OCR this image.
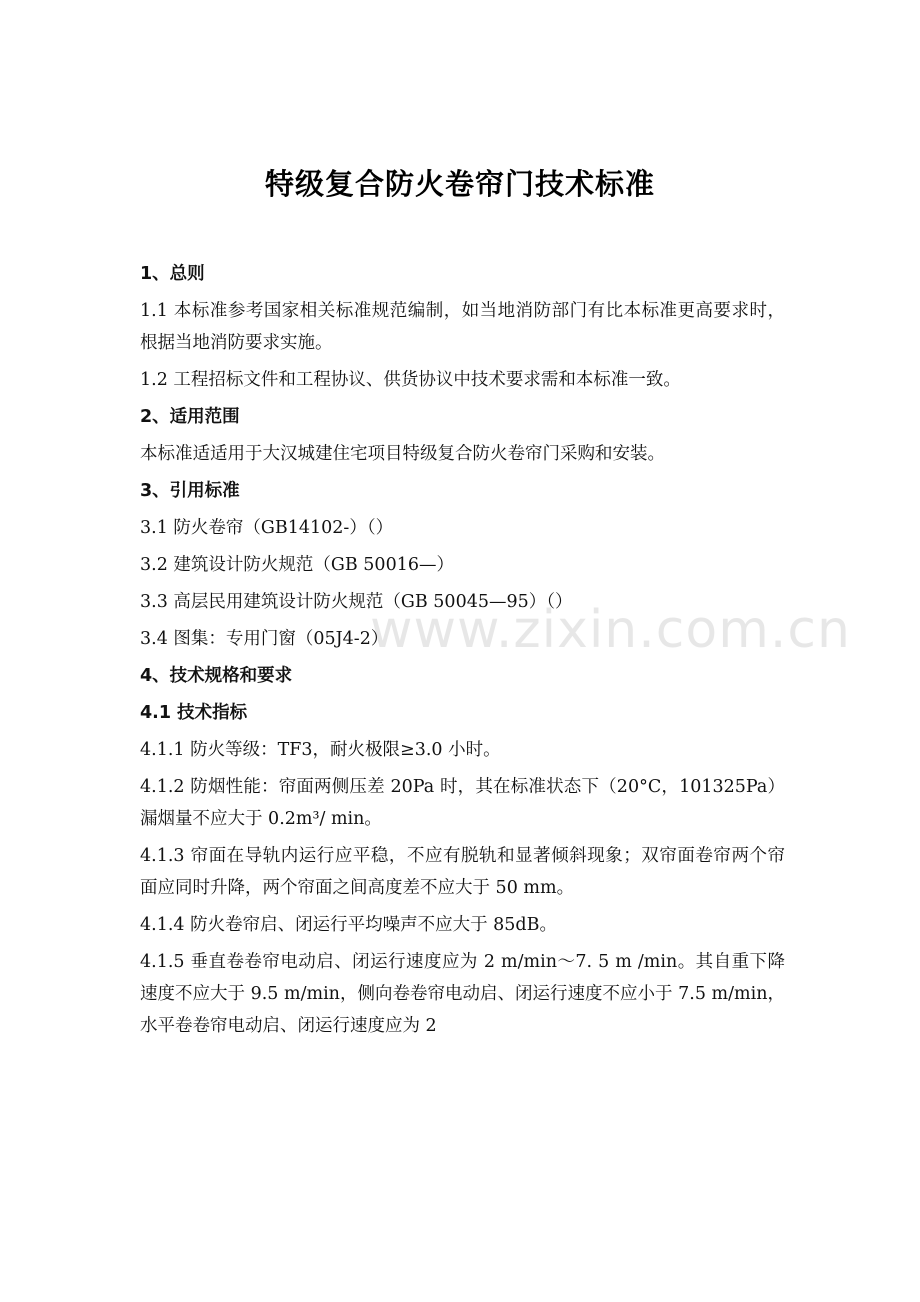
特级复合防火卷帘门技术标准
1、总则

1.1 本标准参考国家相关标准规范编制，如当地消防部门有比本标准更高要求时，根据当地消防要求实施。

1.2 工程招标文件和工程协议、供货协议中技术要求需和本标准一致。

2、适用范围

本标准适适用于大汉城建住宅项目特级复合防火卷帘门采购和安装。

3、引用标准

3.1 防火卷帘（GB14102-）（）

3.2 建筑设计防火规范（GB 50016—）

3.3 高层民用建筑设计防火规范（GB 50045—95）（）

3.4 图集：专用门窗（05J4-2）

4、技术规格和要求
4.1 技术指标

4.1.1 防火等级：TF3，耐火极限≥3.0 小时。

4.1.2 防烟性能：帘面两侧压差 20Pa 时，其在标准状态下（20°C，101325Pa）漏烟量不应大于 0.2m³/ min。

4.1.3 帘面在导轨内运行应平稳，不应有脱轨和显著倾斜现象；双帘面卷帘两个帘面应同时升降，两个帘面之间高度差不应大于 50 mm。

4.1.4 防火卷帘启、闭运行平均噪声不应大于 85dB。

4.1.5 垂直卷卷帘电动启、闭运行速度应为 2 m/min～7. 5 m /min。其自重下降速度不应大于 9.5 m/min，侧向卷卷帘电动启、闭运行速度不应小于 7.5 m/min，水平卷卷帘电动启、闭运行速度应为 2

www.zixin.com.cn
